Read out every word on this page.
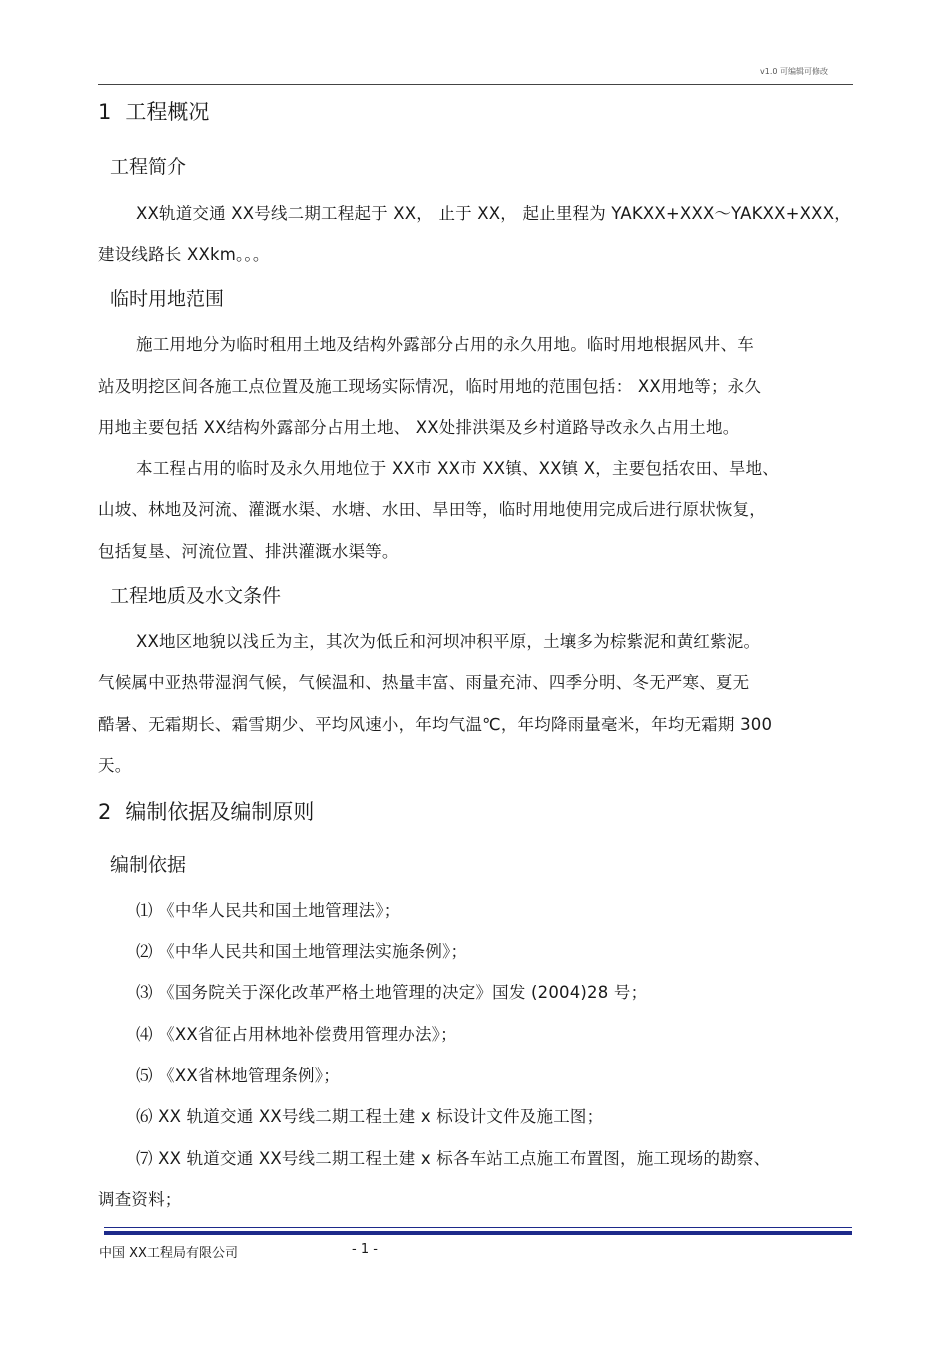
v1.0 可编辑可修改
1 工程概况
工程简介
XX轨道交通 XX号线二期工程起于 XX， 止于 XX， 起止里程为 YAKXX+XXX～YAKXX+XXX，
建设线路长 XXkm。。。
临时用地范围
施工用地分为临时租用土地及结构外露部分占用的永久用地。临时用地根据风井、车
站及明挖区间各施工点位置及施工现场实际情况，临时用地的范围包括： XX用地等；永久
用地主要包括 XX结构外露部分占用土地、 XX处排洪渠及乡村道路导改永久占用土地。
本工程占用的临时及永久用地位于 XX市 XX市 XX镇、XX镇 X，主要包括农田、旱地、
山坡、林地及河流、灌溉水渠、水塘、水田、旱田等，临时用地使用完成后进行原状恢复，
包括复垦、河流位置、排洪灌溉水渠等。
工程地质及水文条件
XX地区地貌以浅丘为主，其次为低丘和河坝冲积平原，土壤多为棕紫泥和黄红紫泥。
气候属中亚热带湿润气候，气候温和、热量丰富、雨量充沛、四季分明、冬无严寒、夏无
酷暑、无霜期长、霜雪期少、平均风速小，年均气温℃，年均降雨量毫米，年均无霜期 300
天。
2 编制依据及编制原则
编制依据
⑴ 《中华人民共和国土地管理法》；
⑵ 《中华人民共和国土地管理法实施条例》；
⑶ 《国务院关于深化改革严格土地管理的决定》国发 (2004)28 号；
⑷ 《XX省征占用林地补偿费用管理办法》；
⑸ 《XX省林地管理条例》；
⑹ XX 轨道交通 XX号线二期工程土建 x 标设计文件及施工图；
⑺ XX 轨道交通 XX号线二期工程土建 x 标各车站工点施工布置图，施工现场的勘察、
调查资料；
中国 XX工程局有限公司	- 1 -
